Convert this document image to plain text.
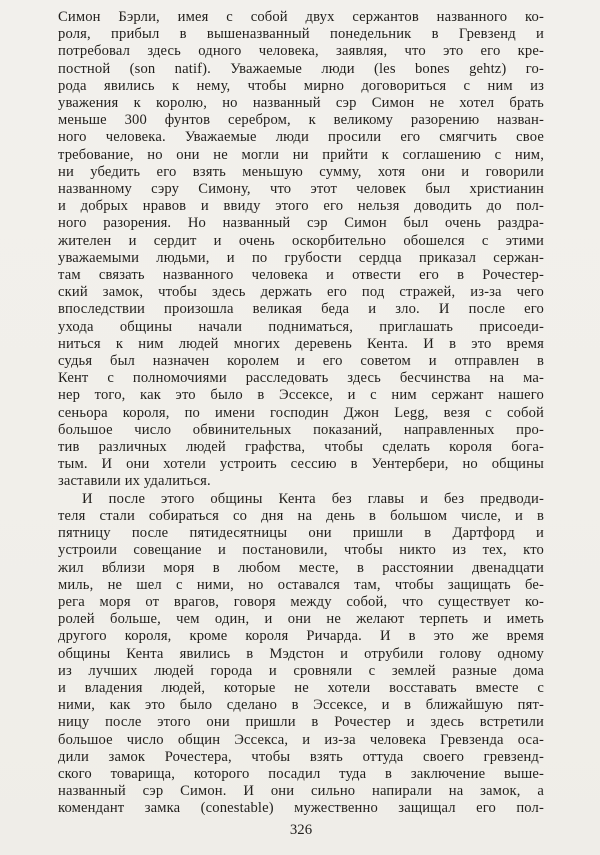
Симон Бэрли, имея с собой двух сержантов названного ко-
роля, прибыл в вышеназванный понедельник в Гревзенд и
потребовал здесь одного человека, заявляя, что это его кре-
постной (son natif). Уважаемые люди (les bones gehtz) го-
рода явились к нему, чтобы мирно договориться с ним из
уважения к королю, но названный сэр Симон не хотел брать
меньше 300 фунтов серебром, к великому разорению назван-
ного человека. Уважаемые люди просили его смягчить свое
требование, но они не могли ни прийти к соглашению с ним,
ни убедить его взять меньшую сумму, хотя они и говорили
названному сэру Симону, что этот человек был христианин
и добрых нравов и ввиду этого его нельзя доводить до пол-
ного разорения. Но названный сэр Симон был очень раздра-
жителен и сердит и очень оскорбительно обошелся с этими
уважаемыми людьми, и по грубости сердца приказал сержан-
там связать названного человека и отвести его в Рочестер-
ский замок, чтобы здесь держать его под стражей, из-за чего
впоследствии произошла великая беда и зло. И после его
ухода общины начали подниматься, приглашать присоеди-
ниться к ним людей многих деревень Кента. И в это время
судья был назначен королем и его советом и отправлен в
Кент с полномочиями расследовать здесь бесчинства на ма-
нер того, как это было в Эссексе, и с ним сержант нашего
сеньора короля, по имени господин Джон Legg, везя с собой
большое число обвинительных показаний, направленных про-
тив различных людей графства, чтобы сделать короля бога-
тым. И они хотели устроить сессию в Уентербери, но общины
заставили их удалиться.
И после этого общины Кента без главы и без предводи-
теля стали собираться со дня на день в большом числе, и в
пятницу после пятидесятницы они пришли в Дартфорд и
устроили совещание и постановили, чтобы никто из тех, кто
жил вблизи моря в любом месте, в расстоянии двенадцати
миль, не шел с ними, но оставался там, чтобы защищать бе-
рега моря от врагов, говоря между собой, что существует ко-
ролей больше, чем один, и они не желают терпеть и иметь
другого короля, кроме короля Ричарда. И в это же время
общины Кента явились в Мэдстон и отрубили голову одному
из лучших людей города и сровняли с землей разные дома
и владения людей, которые не хотели восставать вместе с
ними, как это было сделано в Эссексе, и в ближайшую пят-
ницу после этого они пришли в Рочестер и здесь встретили
большое число общин Эссекса, и из-за человека Гревзенда оса-
дили замок Рочестера, чтобы взять оттуда своего гревзенд-
ского товарища, которого посадил туда в заключение выше-
названный сэр Симон. И они сильно напирали на замок, а
комендант замка (conestable) мужественно защищал его пол-
326
